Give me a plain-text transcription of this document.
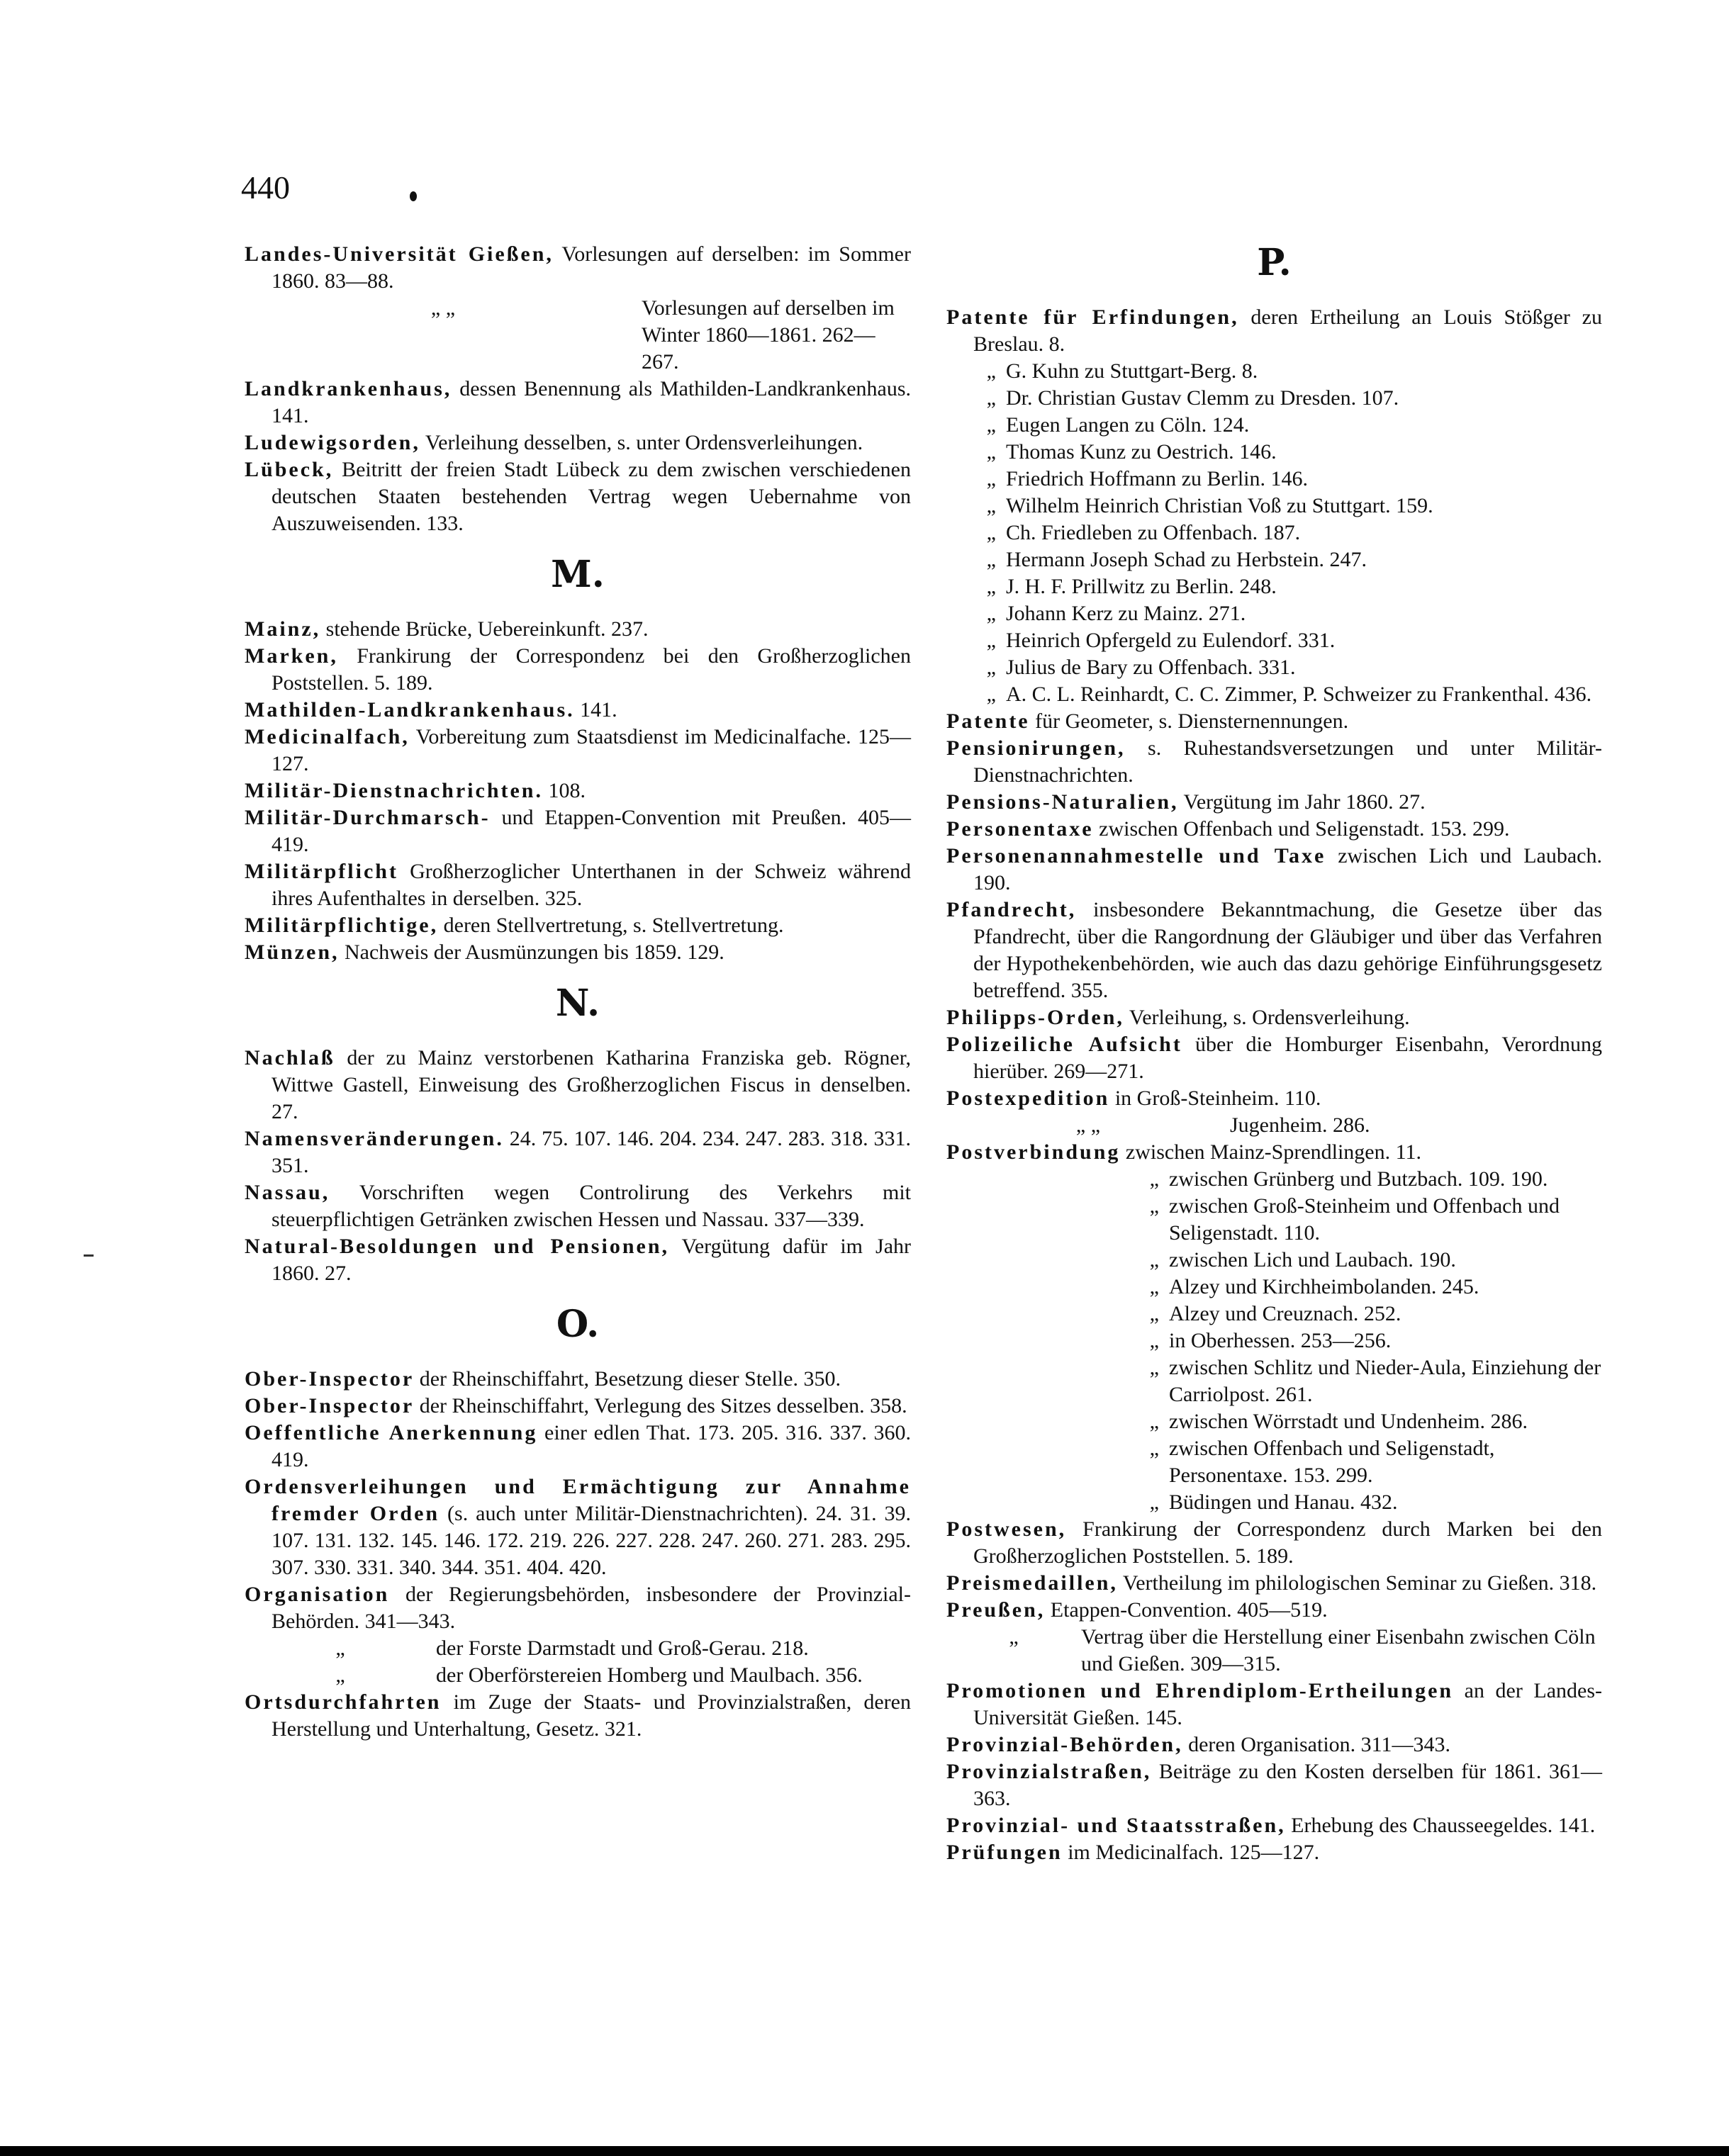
440

Landes-Universität Gießen, Vorlesungen auf derselben: im Sommer 1860. 83—88.

„ „	Vorlesungen auf derselben im Winter 1860—1861. 262—267.

Landkrankenhaus, dessen Benennung als Mathilden-Landkrankenhaus. 141.

Ludewigsorden, Verleihung desselben, s. unter Ordensverleihungen.

Lübeck, Beitritt der freien Stadt Lübeck zu dem zwischen verschiedenen deutschen Staaten bestehenden Vertrag wegen Uebernahme von Auszuweisenden. 133.

M.

Mainz, stehende Brücke, Uebereinkunft. 237.

Marken, Frankirung der Correspondenz bei den Großherzoglichen Poststellen. 5. 189.

Mathilden-Landkrankenhaus. 141.

Medicinalfach, Vorbereitung zum Staatsdienst im Medicinalfache. 125—127.

Militär-Dienstnachrichten. 108.

Militär-Durchmarsch- und Etappen-Convention mit Preußen. 405—419.

Militärpflicht Großherzoglicher Unterthanen in der Schweiz während ihres Aufenthaltes in derselben. 325.

Militärpflichtige, deren Stellvertretung, s. Stellvertretung.

Münzen, Nachweis der Ausmünzungen bis 1859. 129.

N.

Nachlaß der zu Mainz verstorbenen Katharina Franziska geb. Rögner, Wittwe Gastell, Einweisung des Großherzoglichen Fiscus in denselben. 27.

Namensveränderungen. 24. 75. 107. 146. 204. 234. 247. 283. 318. 331. 351.

Nassau, Vorschriften wegen Controlirung des Verkehrs mit steuerpflichtigen Getränken zwischen Hessen und Nassau. 337—339.

Natural-Besoldungen und Pensionen, Vergütung dafür im Jahr 1860. 27.

O.

Ober-Inspector der Rheinschiffahrt, Besetzung dieser Stelle. 350.

Ober-Inspector der Rheinschiffahrt, Verlegung des Sitzes desselben. 358.

Oeffentliche Anerkennung einer edlen That. 173. 205. 316. 337. 360. 419.

Ordensverleihungen und Ermächtigung zur Annahme fremder Orden (s. auch unter Militär-Dienstnachrichten). 24. 31. 39. 107. 131. 132. 145. 146. 172. 219. 226. 227. 228. 247. 260. 271. 283. 295. 307. 330. 331. 340. 344. 351. 404. 420.

Organisation der Regierungsbehörden, insbesondere der Provinzial-Behörden. 341—343.

„	der Forste Darmstadt und Groß-Gerau. 218.
„	der Oberförstereien Homberg und Maulbach. 356.

Ortsdurchfahrten im Zuge der Staats- und Provinzialstraßen, deren Herstellung und Unterhaltung, Gesetz. 321.

P.

Patente für Erfindungen, deren Ertheilung an Louis Stößger zu Breslau. 8.

„ G. Kuhn zu Stuttgart-Berg. 8.
„ Dr. Christian Gustav Clemm zu Dresden. 107.
„ Eugen Langen zu Cöln. 124.
„ Thomas Kunz zu Oestrich. 146.
„ Friedrich Hoffmann zu Berlin. 146.
„ Wilhelm Heinrich Christian Voß zu Stuttgart. 159.
„ Ch. Friedleben zu Offenbach. 187.
„ Hermann Joseph Schad zu Herbstein. 247.
„ J. H. F. Prillwitz zu Berlin. 248.
„ Johann Kerz zu Mainz. 271.
„ Heinrich Opfergeld zu Eulendorf. 331.
„ Julius de Bary zu Offenbach. 331.
„ A. C. L. Reinhardt, C. C. Zimmer, P. Schweizer zu Frankenthal. 436.

Patente für Geometer, s. Diensternennungen.

Pensionirungen, s. Ruhestandsversetzungen und unter Militär-Dienstnachrichten.

Pensions-Naturalien, Vergütung im Jahr 1860. 27.

Personentaxe zwischen Offenbach und Seligenstadt. 153. 299.

Personenannahmestelle und Taxe zwischen Lich und Laubach. 190.

Pfandrecht, insbesondere Bekanntmachung, die Gesetze über das Pfandrecht, über die Rangordnung der Gläubiger und über das Verfahren der Hypothekenbehörden, wie auch das dazu gehörige Einführungsgesetz betreffend. 355.

Philipps-Orden, Verleihung, s. Ordensverleihung.

Polizeiliche Aufsicht über die Homburger Eisenbahn, Verordnung hierüber. 269—271.

Postexpedition in Groß-Steinheim. 110.

„ „	Jugenheim. 286.

Postverbindung zwischen Mainz-Sprendlingen. 11.

„ zwischen Grünberg und Butzbach. 109. 190.
„ zwischen Groß-Steinheim und Offenbach und Seligenstadt. 110.
„ zwischen Lich und Laubach. 190.
„ Alzey und Kirchheimbolanden. 245.
„ Alzey und Creuznach. 252.
„ in Oberhessen. 253—256.
„ zwischen Schlitz und Nieder-Aula, Einziehung der Carriolpost. 261.
„ zwischen Wörrstadt und Undenheim. 286.
„ zwischen Offenbach und Seligenstadt, Personentaxe. 153. 299.
„ Büdingen und Hanau. 432.

Postwesen, Frankirung der Correspondenz durch Marken bei den Großherzoglichen Poststellen. 5. 189.

Preismedaillen, Vertheilung im philologischen Seminar zu Gießen. 318.

Preußen, Etappen-Convention. 405—519.

„	Vertrag über die Herstellung einer Eisenbahn zwischen Cöln und Gießen. 309—315.

Promotionen und Ehrendiplom-Ertheilungen an der Landes-Universität Gießen. 145.

Provinzial-Behörden, deren Organisation. 311—343.

Provinzialstraßen, Beiträge zu den Kosten derselben für 1861. 361—363.

Provinzial- und Staatsstraßen, Erhebung des Chausseegeldes. 141.

Prüfungen im Medicinalfach. 125—127.
